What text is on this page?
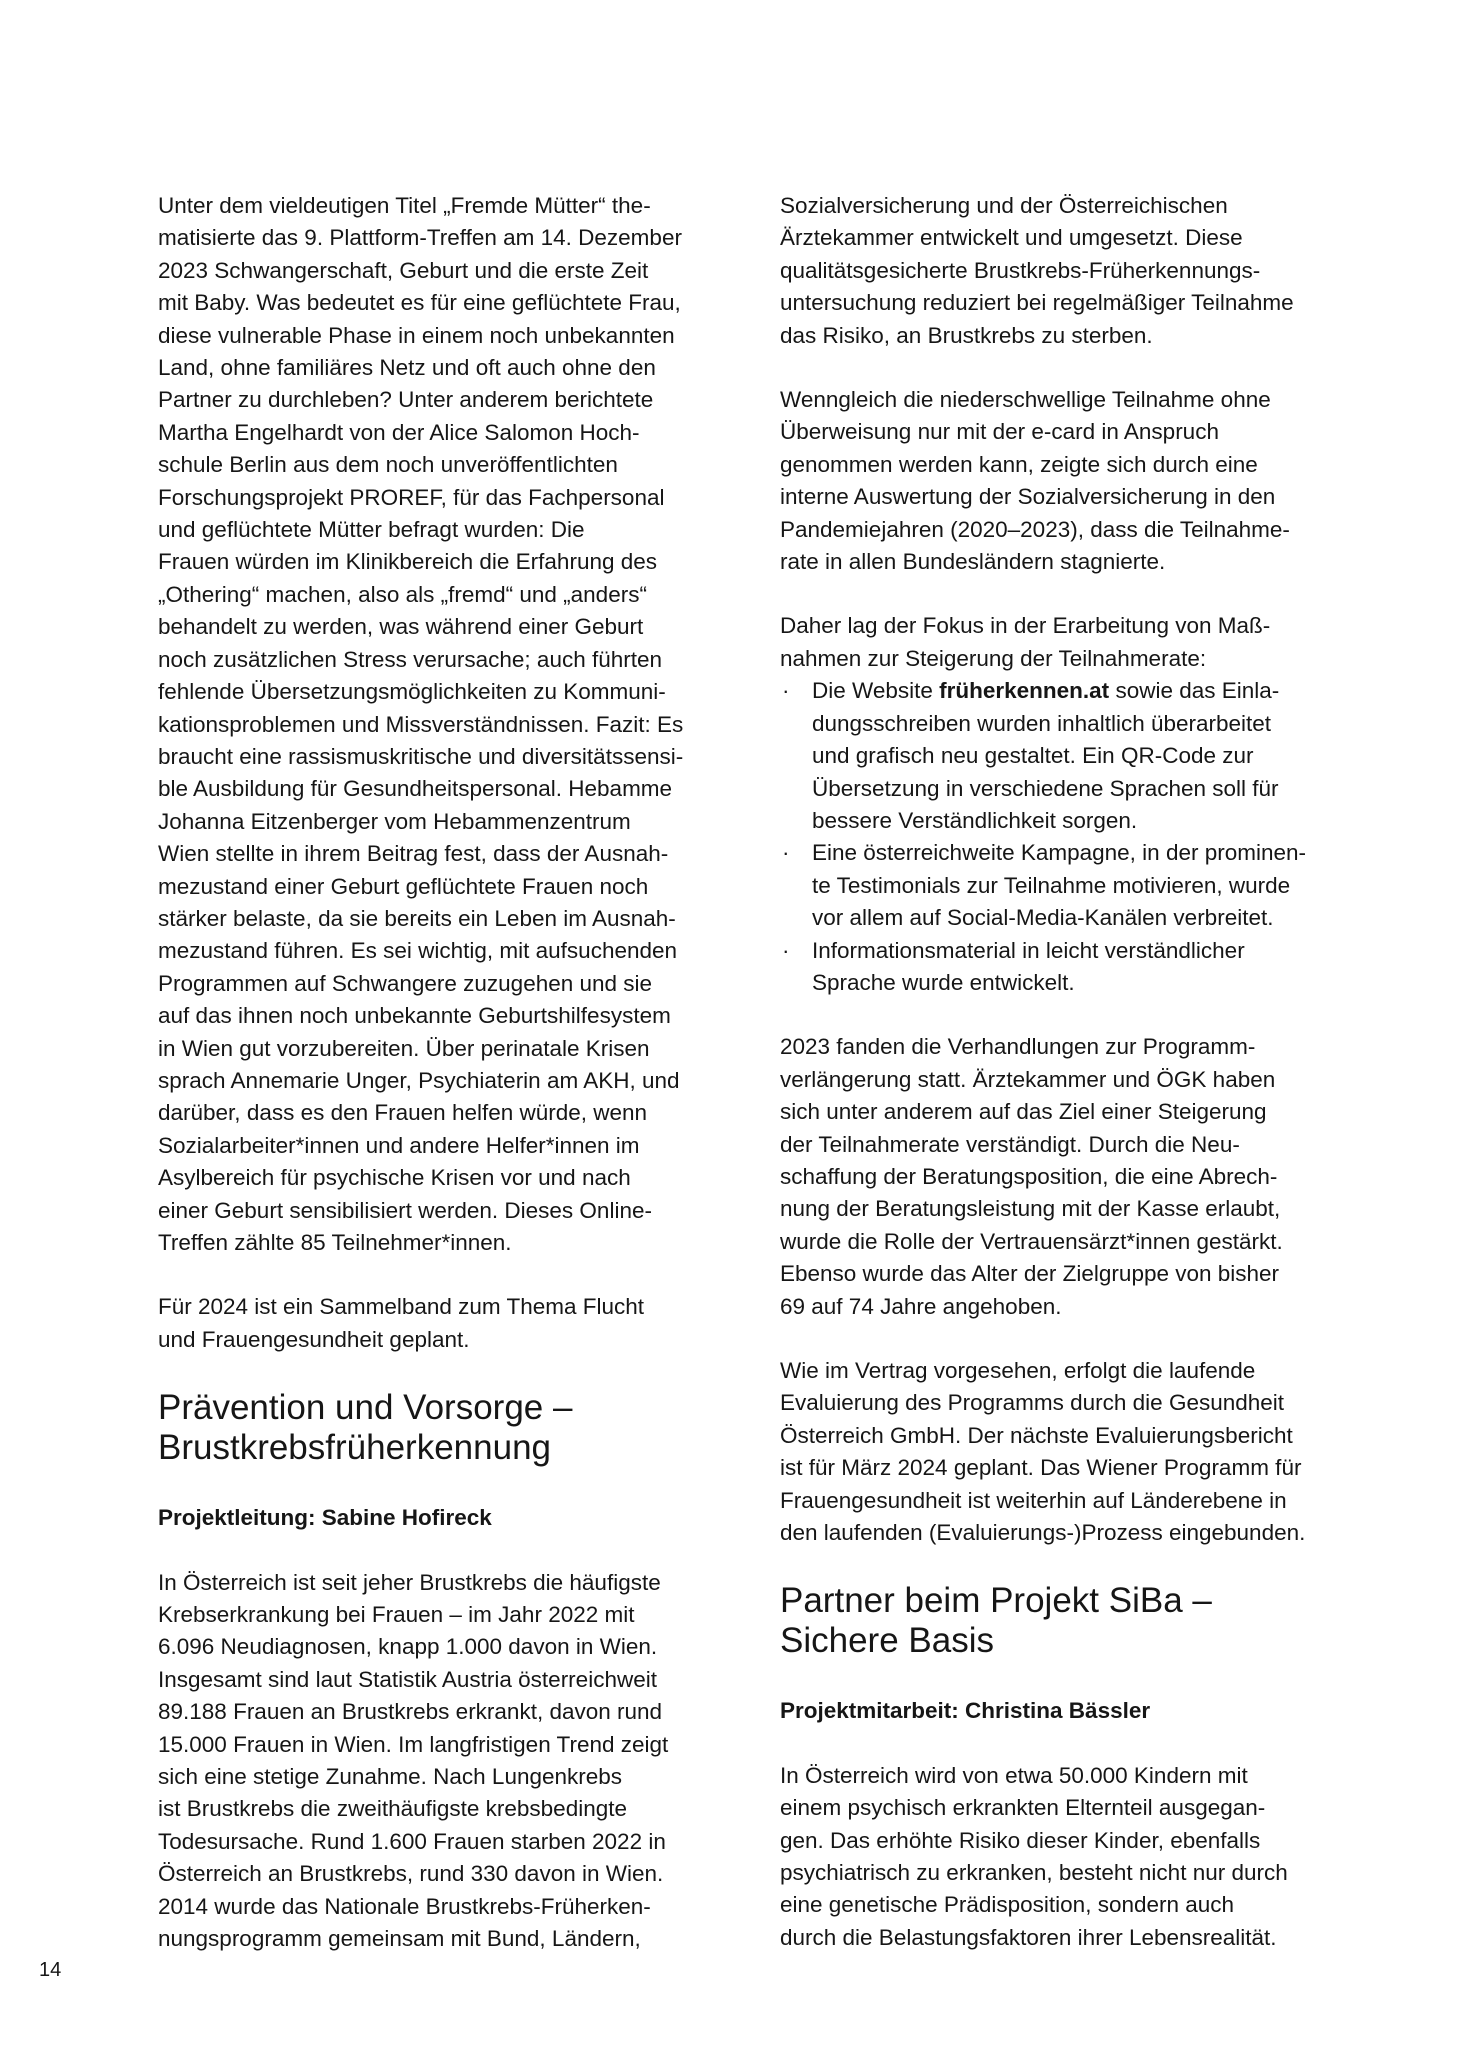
Unter dem vieldeutigen Titel „Fremde Mütter“ the-
matisierte das 9. Plattform-Treffen am 14. Dezember
2023 Schwangerschaft, Geburt und die erste Zeit
mit Baby. Was bedeutet es für eine geflüchtete Frau,
diese vulnerable Phase in einem noch unbekannten
Land, ohne familiäres Netz und oft auch ohne den
Partner zu durchleben? Unter anderem berichtete
Martha Engelhardt von der Alice Salomon Hoch-
schule Berlin aus dem noch unveröffentlichten
Forschungsprojekt PROREF, für das Fachpersonal
und geflüchtete Mütter befragt wurden: Die
Frauen würden im Klinikbereich die Erfahrung des
„Othering“ machen, also als „fremd“ und „anders“
behandelt zu werden, was während einer Geburt
noch zusätzlichen Stress verursache; auch führten
fehlende Übersetzungsmöglichkeiten zu Kommuni-
kationsproblemen und Missverständnissen. Fazit: Es
braucht eine rassismuskritische und diversitätssensi-
ble Ausbildung für Gesundheitspersonal. Hebamme
Johanna Eitzenberger vom Hebammenzentrum
Wien stellte in ihrem Beitrag fest, dass der Ausnah-
mezustand einer Geburt geflüchtete Frauen noch
stärker belaste, da sie bereits ein Leben im Ausnah-
mezustand führen. Es sei wichtig, mit aufsuchenden
Programmen auf Schwangere zuzugehen und sie
auf das ihnen noch unbekannte Geburtshilfesystem
in Wien gut vorzubereiten. Über perinatale Krisen
sprach Annemarie Unger, Psychiaterin am AKH, und
darüber, dass es den Frauen helfen würde, wenn
Sozialarbeiter*innen und andere Helfer*innen im
Asylbereich für psychische Krisen vor und nach
einer Geburt sensibilisiert werden. Dieses Online-
Treffen zählte 85 Teilnehmer*innen.

Für 2024 ist ein Sammelband zum Thema Flucht
und Frauengesundheit geplant.

Prävention und Vorsorge –
Brustkrebsfrüherkennung
Projektleitung: Sabine Hofireck

In Österreich ist seit jeher Brustkrebs die häufigste
Krebserkrankung bei Frauen – im Jahr 2022 mit
6.096 Neudiagnosen, knapp 1.000 davon in Wien.
Insgesamt sind laut Statistik Austria österreichweit
89.188 Frauen an Brustkrebs erkrankt, davon rund
15.000 Frauen in Wien. Im langfristigen Trend zeigt
sich eine stetige Zunahme. Nach Lungenkrebs
ist Brustkrebs die zweithäufigste krebsbedingte
Todesursache. Rund 1.600 Frauen starben 2022 in
Österreich an Brustkrebs, rund 330 davon in Wien.
2014 wurde das Nationale Brustkrebs-Früherken-
nungsprogramm gemeinsam mit Bund, Ländern,

Sozialversicherung und der Österreichischen
Ärztekammer entwickelt und umgesetzt. Diese
qualitätsgesicherte Brustkrebs-Früherkennungs-
untersuchung reduziert bei regelmäßiger Teilnahme
das Risiko, an Brustkrebs zu sterben.

Wenngleich die niederschwellige Teilnahme ohne
Überweisung nur mit der e-card in Anspruch
genommen werden kann, zeigte sich durch eine
interne Auswertung der Sozialversicherung in den
Pandemiejahren (2020–2023), dass die Teilnahme-
rate in allen Bundesländern stagnierte.

Daher lag der Fokus in der Erarbeitung von Maß-
nahmen zur Steigerung der Teilnahmerate:
· Die Website früherkennen.at sowie das Einla-
dungsschreiben wurden inhaltlich überarbeitet
und grafisch neu gestaltet. Ein QR-Code zur
Übersetzung in verschiedene Sprachen soll für
bessere Verständlichkeit sorgen.
· Eine österreichweite Kampagne, in der prominen-
te Testimonials zur Teilnahme motivieren, wurde
vor allem auf Social-Media-Kanälen verbreitet.
· Informationsmaterial in leicht verständlicher
Sprache wurde entwickelt.

2023 fanden die Verhandlungen zur Programm-
verlängerung statt. Ärztekammer und ÖGK haben
sich unter anderem auf das Ziel einer Steigerung
der Teilnahmerate verständigt. Durch die Neu-
schaffung der Beratungsposition, die eine Abrech-
nung der Beratungsleistung mit der Kasse erlaubt,
wurde die Rolle der Vertrauensärzt*innen gestärkt.
Ebenso wurde das Alter der Zielgruppe von bisher
69 auf 74 Jahre angehoben.

Wie im Vertrag vorgesehen, erfolgt die laufende
Evaluierung des Programms durch die Gesundheit
Österreich GmbH. Der nächste Evaluierungsbericht
ist für März 2024 geplant. Das Wiener Programm für
Frauengesundheit ist weiterhin auf Länderebene in
den laufenden (Evaluierungs-)Prozess eingebunden.

Partner beim Projekt SiBa –
Sichere Basis
Projektmitarbeit: Christina Bässler

In Österreich wird von etwa 50.000 Kindern mit
einem psychisch erkrankten Elternteil ausgegan-
gen. Das erhöhte Risiko dieser Kinder, ebenfalls
psychiatrisch zu erkranken, besteht nicht nur durch
eine genetische Prädisposition, sondern auch
durch die Belastungsfaktoren ihrer Lebensrealität.

14
